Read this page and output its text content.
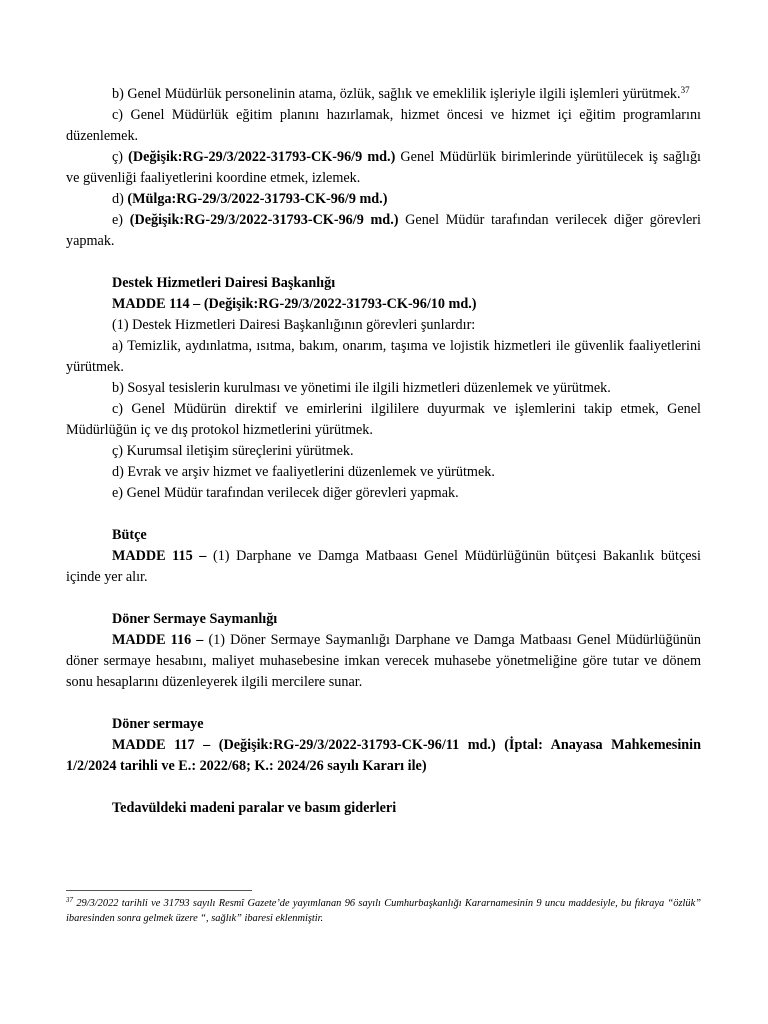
b) Genel Müdürlük personelinin atama, özlük, sağlık ve emeklilik işleriyle ilgili işlemleri yürütmek.$^{37}$

c) Genel Müdürlük eğitim planını hazırlamak, hizmet öncesi ve hizmet içi eğitim programlarını düzenlemek.

ç) (Değişik:RG-29/3/2022-31793-CK-96/9 md.) Genel Müdürlük birimlerinde yürütülecek iş sağlığı ve güvenliği faaliyetlerini koordine etmek, izlemek.

d) (Mülga:RG-29/3/2022-31793-CK-96/9 md.)

e) (Değişik:RG-29/3/2022-31793-CK-96/9 md.) Genel Müdür tarafından verilecek diğer görevleri yapmak.

Destek Hizmetleri Dairesi Başkanlığı

MADDE 114 – (Değişik:RG-29/3/2022-31793-CK-96/10 md.)

(1) Destek Hizmetleri Dairesi Başkanlığının görevleri şunlardır:

a) Temizlik, aydınlatma, ısıtma, bakım, onarım, taşıma ve lojistik hizmetleri ile güvenlik faaliyetlerini yürütmek.

b) Sosyal tesislerin kurulması ve yönetimi ile ilgili hizmetleri düzenlemek ve yürütmek.

c) Genel Müdürün direktif ve emirlerini ilgililere duyurmak ve işlemlerini takip etmek, Genel Müdürlüğün iç ve dış protokol hizmetlerini yürütmek.

ç) Kurumsal iletişim süreçlerini yürütmek.

d) Evrak ve arşiv hizmet ve faaliyetlerini düzenlemek ve yürütmek.

e) Genel Müdür tarafından verilecek diğer görevleri yapmak.

Bütçe

MADDE 115 – (1) Darphane ve Damga Matbaası Genel Müdürlüğünün bütçesi Bakanlık bütçesi içinde yer alır.

Döner Sermaye Saymanlığı

MADDE 116 – (1) Döner Sermaye Saymanlığı Darphane ve Damga Matbaası Genel Müdürlüğünün döner sermaye hesabını, maliyet muhasebesine imkan verecek muhasebe yönetmeliğine göre tutar ve dönem sonu hesaplarını düzenleyerek ilgili mercilere sunar.

Döner sermaye

MADDE 117 – (Değişik:RG-29/3/2022-31793-CK-96/11 md.) (İptal: Anayasa Mahkemesinin 1/2/2024 tarihli ve E.: 2022/68; K.: 2024/26 sayılı Kararı ile)

Tedavüldeki madeni paralar ve basım giderleri

$^{37}$ 29/3/2022 tarihli ve 31793 sayılı Resmî Gazete’de yayımlanan 96 sayılı Cumhurbaşkanlığı Kararnamesinin 9 uncu maddesiyle, bu fıkraya “özlük” ibaresinden sonra gelmek üzere “, sağlık” ibaresi eklenmiştir.
